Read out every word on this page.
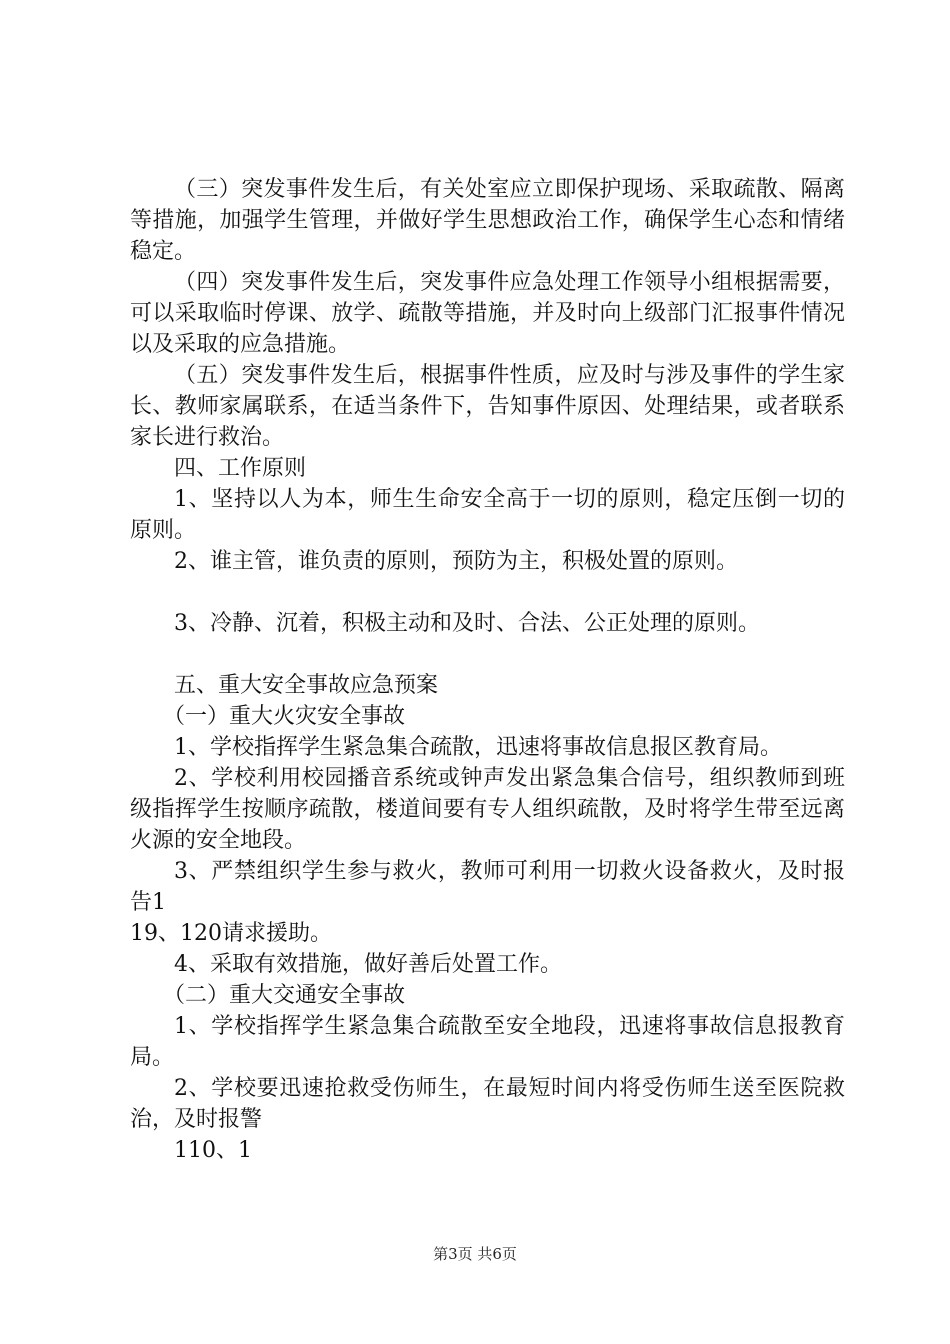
（三）突发事件发生后，有关处室应立即保护现场、采取疏散、隔离等措施，加强学生管理，并做好学生思想政治工作，确保学生心态和情绪稳定。

（四）突发事件发生后，突发事件应急处理工作领导小组根据需要，可以采取临时停课、放学、疏散等措施，并及时向上级部门汇报事件情况以及采取的应急措施。

（五）突发事件发生后，根据事件性质，应及时与涉及事件的学生家长、教师家属联系，在适当条件下，告知事件原因、处理结果，或者联系家长进行救治。

四、工作原则

1、坚持以人为本，师生生命安全高于一切的原则，稳定压倒一切的原则。

2、谁主管，谁负责的原则，预防为主，积极处置的原则。

3、冷静、沉着，积极主动和及时、合法、公正处理的原则。

五、重大安全事故应急预案

（一）重大火灾安全事故

1、学校指挥学生紧急集合疏散，迅速将事故信息报区教育局。

2、学校利用校园播音系统或钟声发出紧急集合信号，组织教师到班级指挥学生按顺序疏散，楼道间要有专人组织疏散，及时将学生带至远离火源的安全地段。

3、严禁组织学生参与救火，教师可利用一切救火设备救火，及时报告1

19、120请求援助。

4、采取有效措施，做好善后处置工作。

（二）重大交通安全事故

1、学校指挥学生紧急集合疏散至安全地段，迅速将事故信息报教育局。

2、学校要迅速抢救受伤师生，在最短时间内将受伤师生送至医院救治，及时报警

110、1

第3页 共6页
